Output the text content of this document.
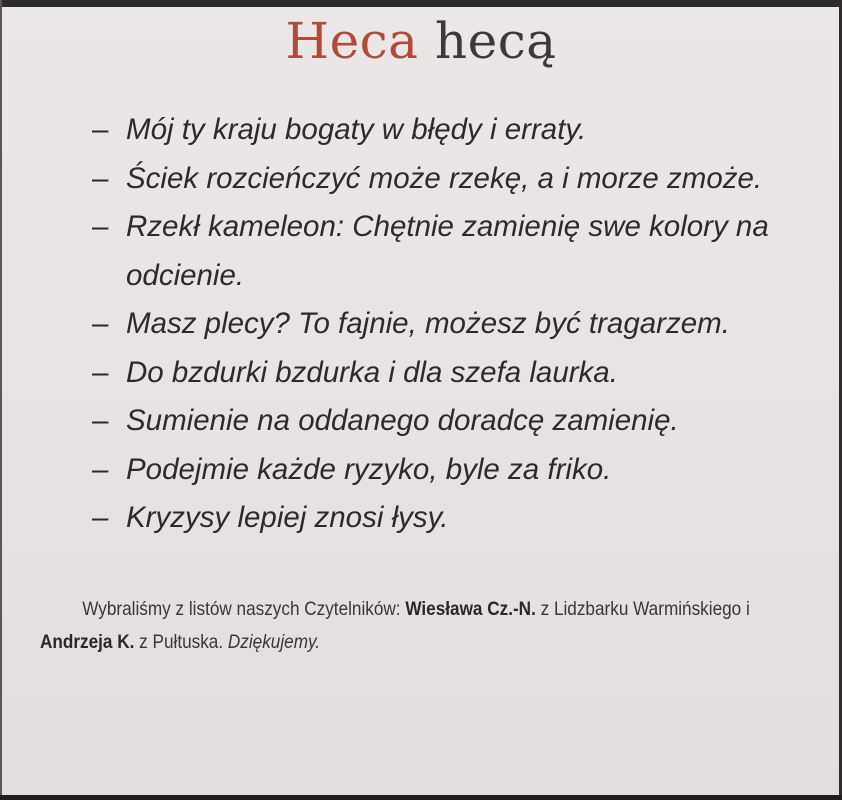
Heca hecą
– Mój ty kraju bogaty w błędy i erraty.
– Ściek rozcieńczyć może rzekę, a i morze zmoże.
– Rzekł kameleon: Chętnie zamienię swe kolory na odcienie.
– Masz plecy? To fajnie, możesz być tragarzem.
– Do bzdurki bzdurka i dla szefa laurka.
– Sumienie na oddanego doradcę zamienię.
– Podejmie każde ryzyko, byle za friko.
– Kryzysy lepiej znosi łysy.

Wybraliśmy z listów naszych Czytelników: Wiesława Cz.-N. z Lidzbarku Warmińskiego i Andrzeja K. z Pułtuska. Dziękujemy.
